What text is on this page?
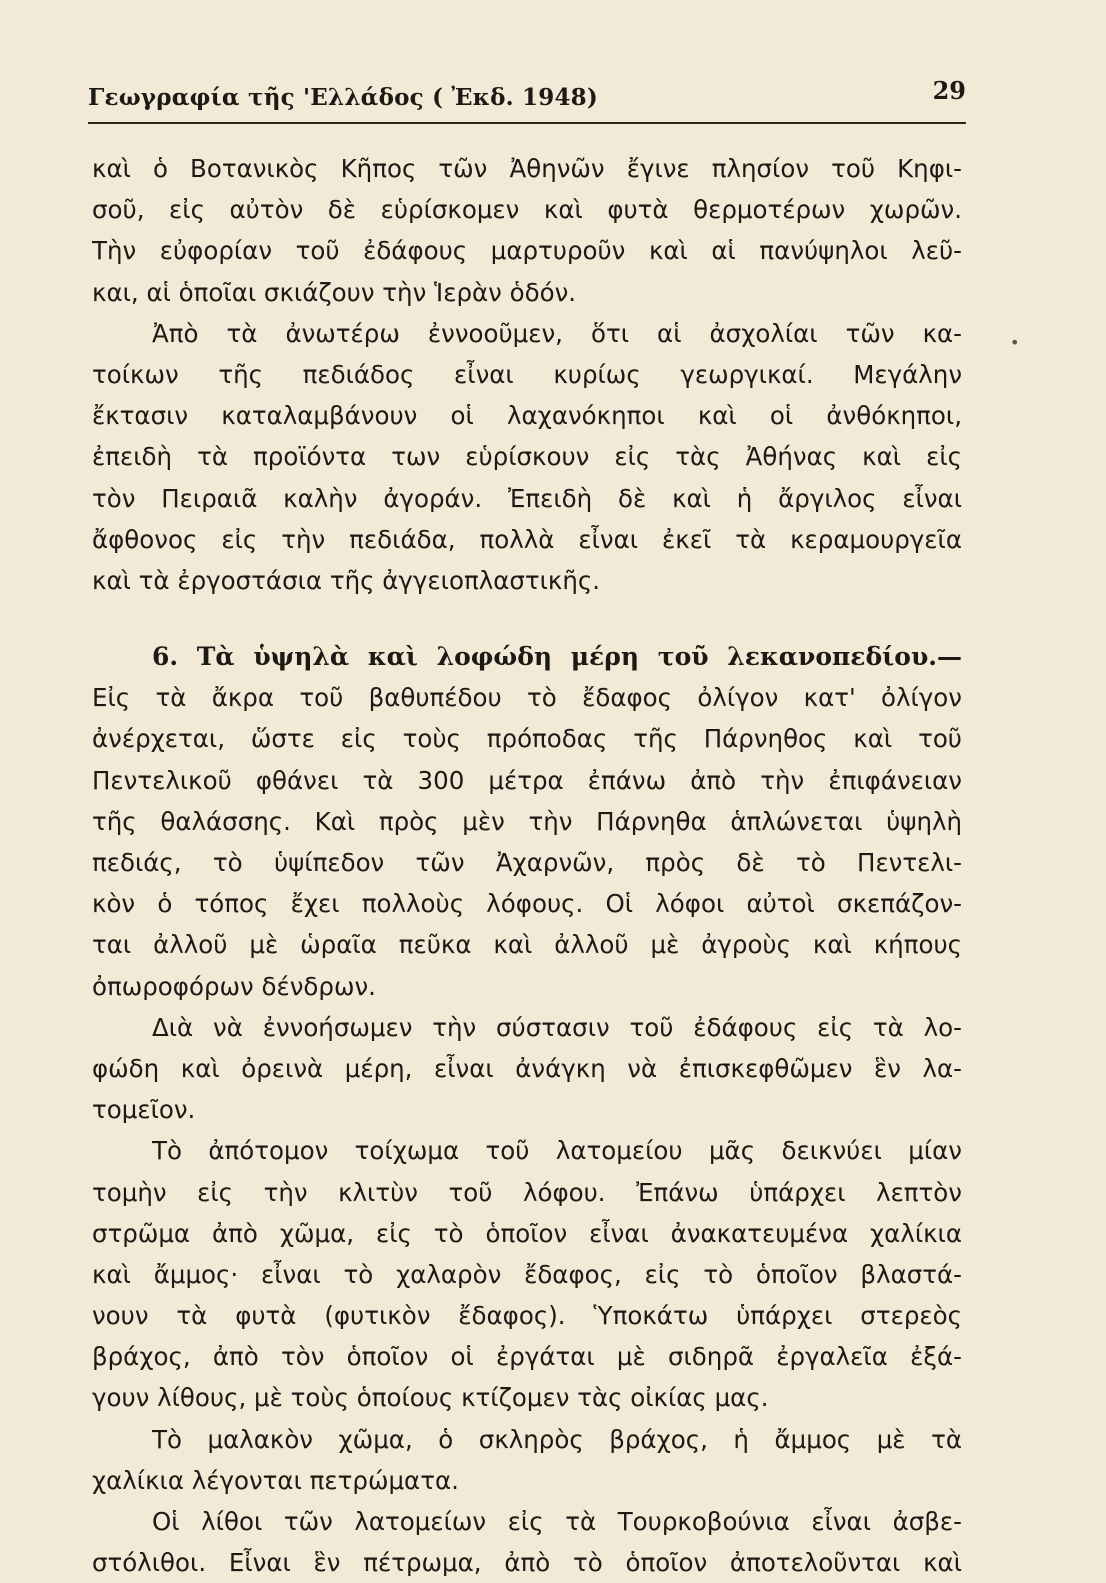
Γεωγραφία τῆς 'Ελλάδος ( Ἐκδ. 1948)	29
καὶ ὁ Βοτανικὸς Κῆπος τῶν Ἀθηνῶν ἔγινε πλησίον τοῦ Κηφι-
σοῦ, εἰς αὐτὸν δὲ εὑρίσκομεν καὶ φυτὰ θερμοτέρων χωρῶν.
Τὴν εὐφορίαν τοῦ ἐδάφους μαρτυροῦν καὶ αἱ πανύψηλοι λεῦ-
και, αἱ ὁποῖαι σκιάζουν τὴν Ἱερὰν ὁδόν.
Ἀπὸ τὰ ἀνωτέρω ἐννοοῦμεν, ὅτι αἱ ἀσχολίαι τῶν κα-
τοίκων τῆς πεδιάδος εἶναι κυρίως γεωργικαί. Μεγάλην
ἔκτασιν καταλαμβάνουν οἱ λαχανόκηποι καὶ οἱ ἀνθόκηποι,
ἐπειδὴ τὰ προϊόντα των εὑρίσκουν εἰς τὰς Ἀθήνας καὶ εἰς
τὸν Πειραιᾶ καλὴν ἀγοράν. Ἐπειδὴ δὲ καὶ ἡ ἄργιλος εἶναι
ἄφθονος εἰς τὴν πεδιάδα, πολλὰ εἶναι ἐκεῖ τὰ κεραμουργεῖα
καὶ τὰ ἐργοστάσια τῆς ἀγγειοπλαστικῆς.
6. Τὰ ὑψηλὰ καὶ λοφώδη μέρη τοῦ λεκανοπεδίου.—
Εἰς τὰ ἄκρα τοῦ βαθυπέδου τὸ ἔδαφος ὀλίγον κατ' ὀλίγον
ἀνέρχεται, ὥστε εἰς τοὺς πρόποδας τῆς Πάρνηθος καὶ τοῦ
Πεντελικοῦ φθάνει τὰ 300 μέτρα ἐπάνω ἀπὸ τὴν ἐπιφάνειαν
τῆς θαλάσσης. Καὶ πρὸς μὲν τὴν Πάρνηθα ἁπλώνεται ὑψηλὴ
πεδιάς, τὸ ὑψίπεδον τῶν Ἀχαρνῶν, πρὸς δὲ τὸ Πεντελι-
κὸν ὁ τόπος ἔχει πολλοὺς λόφους. Οἱ λόφοι αὐτοὶ σκεπάζον-
ται ἀλλοῦ μὲ ὡραῖα πεῦκα καὶ ἀλλοῦ μὲ ἀγροὺς καὶ κήπους
ὀπωροφόρων δένδρων.
Διὰ νὰ ἐννοήσωμεν τὴν σύστασιν τοῦ ἐδάφους εἰς τὰ λο-
φώδη καὶ ὀρεινὰ μέρη, εἶναι ἀνάγκη νὰ ἐπισκεφθῶμεν ἓν λα-
τομεῖον.
Τὸ ἀπότομον τοίχωμα τοῦ λατομείου μᾶς δεικνύει μίαν
τομὴν εἰς τὴν κλιτὺν τοῦ λόφου. Ἐπάνω ὑπάρχει λεπτὸν
στρῶμα ἀπὸ χῶμα, εἰς τὸ ὁποῖον εἶναι ἀνακατευμένα χαλίκια
καὶ ἄμμος· εἶναι τὸ χαλαρὸν ἔδαφος, εἰς τὸ ὁποῖον βλαστά-
νουν τὰ φυτὰ (φυτικὸν ἔδαφος). Ὑποκάτω ὑπάρχει στερεὸς
βράχος, ἀπὸ τὸν ὁποῖον οἱ ἐργάται μὲ σιδηρᾶ ἐργαλεῖα ἐξά-
γουν λίθους, μὲ τοὺς ὁποίους κτίζομεν τὰς οἰκίας μας.
Τὸ μαλακὸν χῶμα, ὁ σκληρὸς βράχος, ἡ ἄμμος μὲ τὰ
χαλίκια λέγονται πετρώματα.
Οἱ λίθοι τῶν λατομείων εἰς τὰ Τουρκοβούνια εἶναι ἀσβε-
στόλιθοι. Εἶναι ἓν πέτρωμα, ἀπὸ τὸ ὁποῖον ἀποτελοῦνται καὶ
•
